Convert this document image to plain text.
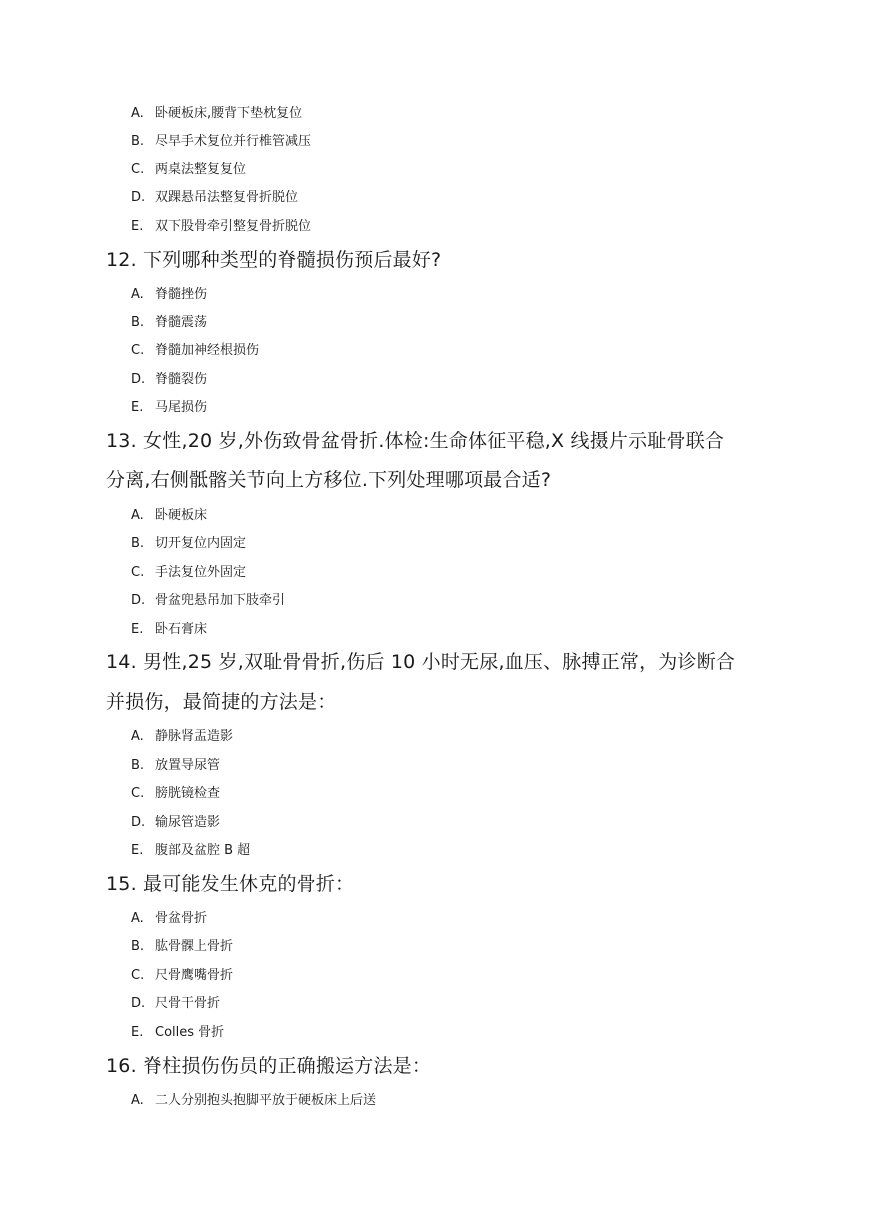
A. 卧硬板床,腰背下垫枕复位
B. 尽早手术复位并行椎管减压
C. 两桌法整复复位
D. 双踝悬吊法整复骨折脱位
E. 双下股骨牵引整复骨折脱位
12. 下列哪种类型的脊髓损伤预后最好?
A. 脊髓挫伤
B. 脊髓震荡
C. 脊髓加神经根损伤
D. 脊髓裂伤
E. 马尾损伤
13. 女性,20 岁,外伤致骨盆骨折.体检:生命体征平稳,X 线摄片示耻骨联合
分离,右侧骶髂关节向上方移位.下列处理哪项最合适?
A. 卧硬板床
B. 切开复位内固定
C. 手法复位外固定
D. 骨盆兜悬吊加下肢牵引
E. 卧石膏床
14. 男性,25 岁,双耻骨骨折,伤后 10 小时无尿,血压、脉搏正常，为诊断合
并损伤，最简捷的方法是：
A. 静脉肾盂造影
B. 放置导尿管
C. 膀胱镜检查
D. 输尿管造影
E. 腹部及盆腔 B 超
15. 最可能发生休克的骨折：
A. 骨盆骨折
B. 肱骨髁上骨折
C. 尺骨鹰嘴骨折
D. 尺骨干骨折
E. Colles 骨折
16. 脊柱损伤伤员的正确搬运方法是：
A. 二人分别抱头抱脚平放于硬板床上后送
